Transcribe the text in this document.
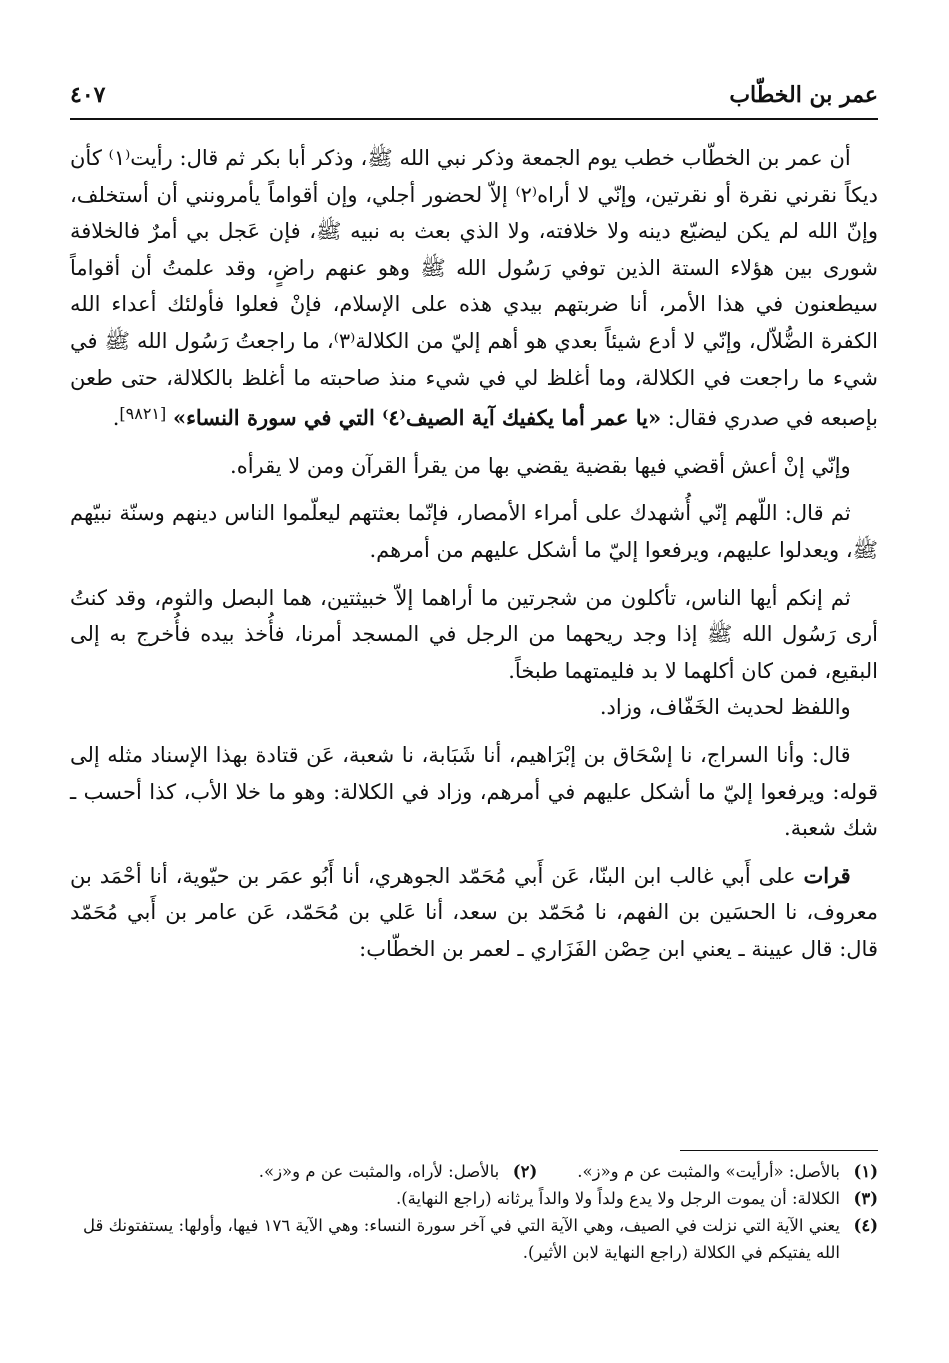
عمر بن الخطّاب
٤٠٧

أن عمر بن الخطّاب خطب يوم الجمعة وذكر نبي الله ﷺ، وذكر أبا بكر ثم قال: رأيت⁽١⁾ كأن ديكاً نقرني نقرة أو نقرتين، وإنّي لا أراه⁽٢⁾ إلاّ لحضور أجلي، وإن أقواماً يأمرونني أن أستخلف، وإنّ الله لم يكن ليضيّع دينه ولا خلافته، ولا الذي بعث به نبيه ﷺ، فإن عَجل بي أمرٌ فالخلافة شورى بين هؤلاء الستة الذين توفي رَسُول الله ﷺ وهو عنهم راضٍ، وقد علمتُ أن أقواماً سيطعنون في هذا الأمر، أنا ضربتهم بيدي هذه على الإسلام، فإنْ فعلوا فأولئك أعداء الله الكفرة الضُّلاّل، وإنّي لا أدع شيئاً بعدي هو أهم إليّ من الكلالة⁽٣⁾، ما راجعتُ رَسُول الله ﷺ في شيء ما راجعت في الكلالة، وما أغلظ لي في شيء منذ صاحبته ما أغلظ بالكلالة، حتى طعن بإصبعه في صدري فقال: «يا عمر أما يكفيك آية الصيف⁽٤⁾ التي في سورة النساء» [٩٨٢١].

وإنّي إنْ أعش أقضي فيها بقضية يقضي بها من يقرأ القرآن ومن لا يقرأه.

ثم قال: اللّهم إنّي أُشهدك على أمراء الأمصار، فإنّما بعثتهم ليعلّموا الناس دينهم وسنّة نبيّهم ﷺ، ويعدلوا عليهم، ويرفعوا إليّ ما أشكل عليهم من أمرهم.

ثم إنكم أيها الناس، تأكلون من شجرتين ما أراهما إلاّ خبيثتين، هما البصل والثوم، وقد كنتُ أرى رَسُول الله ﷺ إذا وجد ريحهما من الرجل في المسجد أمرنا، فأُخذ بيده فأُخرج به إلى البقيع، فمن كان أكلهما لا بد فليمتهما طبخاً.

واللفظ لحديث الخَفّاف، وزاد.

قال: وأنا السراج، نا إسْحَاق بن إبْرَاهيم، أنا شَبَابة، نا شعبة، عَن قتادة بهذا الإسناد مثله إلى قوله: ويرفعوا إليّ ما أشكل عليهم في أمرهم، وزاد في الكلالة: وهو ما خلا الأب، كذا أحسب ـ شك شعبة.

قرات على أَبي غالب ابن البنّا، عَن أَبي مُحَمّد الجوهري، أنا أَبُو عمَر بن حيّوية، أنا أحْمَد بن معروف، نا الحسَين بن الفهم، نا مُحَمّد بن سعد، أنا عَلي بن مُحَمّد، عَن عامر بن أَبي مُحَمّد قال: قال عيينة ـ يعني ابن حِصْن الفَزَاري ـ لعمر بن الخطّاب:

(١)
بالأصل: «أرأيت» والمثبت عن م و«ز».
(٢)
بالأصل: لأراه، والمثبت عن م و«ز».
(٣)
الكلالة: أن يموت الرجل ولا يدع ولداً ولا والداً يرثانه (راجع النهاية).
(٤)
يعني الآية التي نزلت في الصيف، وهي الآية التي في آخر سورة النساء: وهي الآية ١٧٦ فيها، وأولها: يستفتونك قل الله يفتيكم في الكلالة (راجع النهاية لابن الأثير).
